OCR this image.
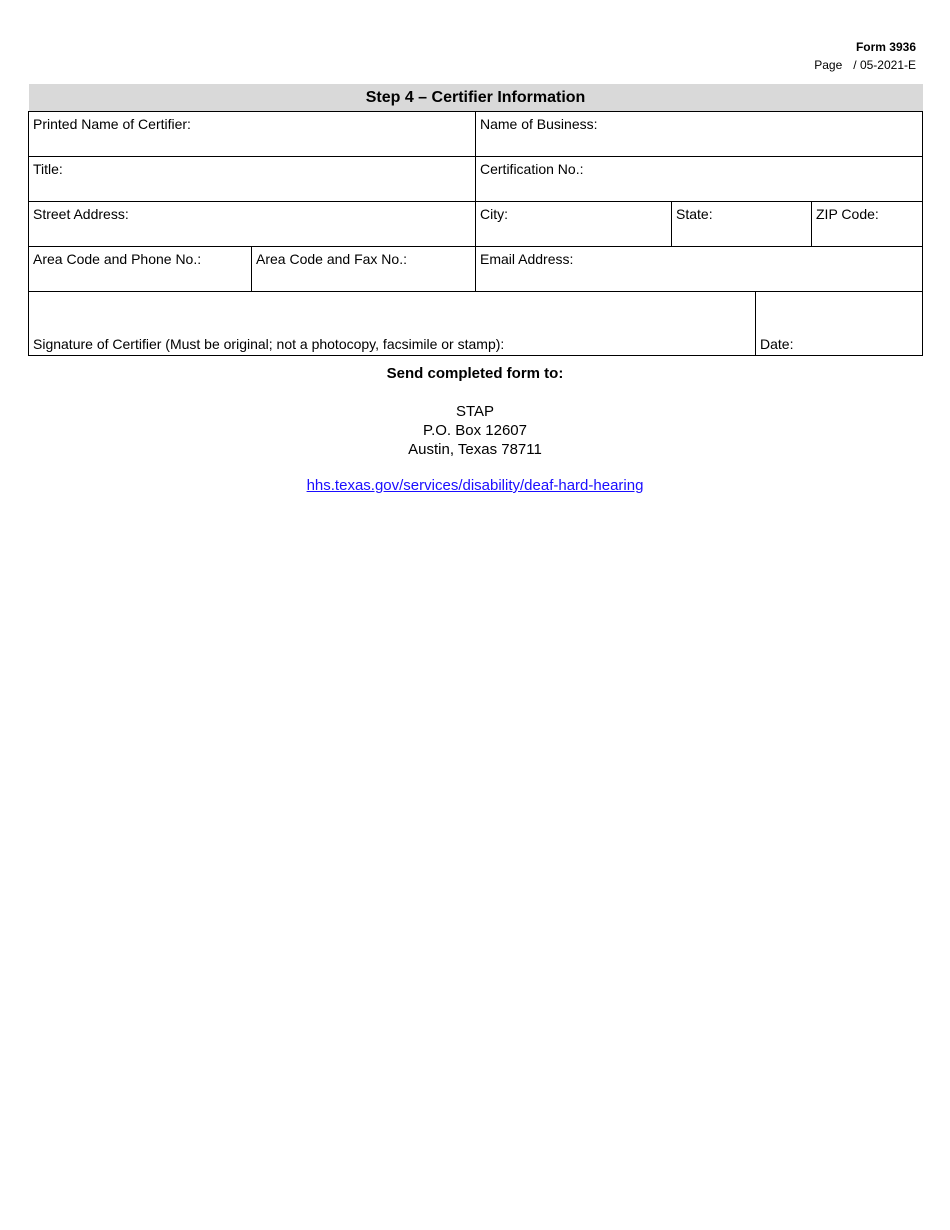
Form 3936
Page / 05-2021-E
Step 4 – Certifier Information					
Printed Name of Certifier:		Name of Business:			
Title:		Certification No.:			
Street Address:		City:	State:		ZIP Code:
Area Code and Phone No.:	Area Code and Fax No.:	Email Address:			
Signature of Certifier (Must be original; not a photocopy, facsimile or stamp):				Date:	
Send completed form to:
STAP
P.O. Box 12607
Austin, Texas 78711
hhs.texas.gov/services/disability/deaf-hard-hearing
